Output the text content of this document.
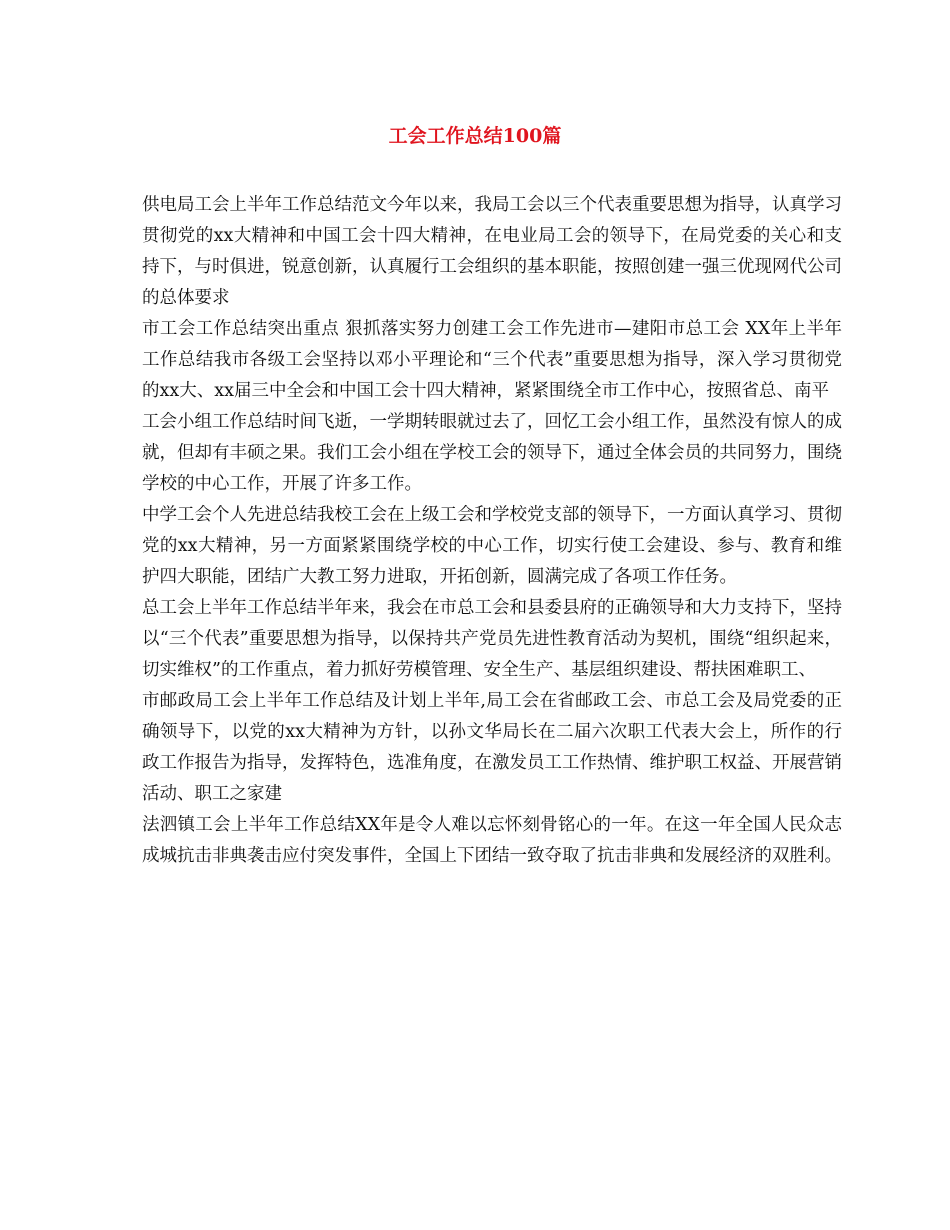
工会工作总结100篇

供电局工会上半年工作总结范文今年以来，我局工会以三个代表重要思想为指导，认真学习贯彻党的xx大精神和中国工会十四大精神，在电业局工会的领导下，在局党委的关心和支持下，与时俱进，锐意创新，认真履行工会组织的基本职能，按照创建一强三优现网代公司的总体要求

市工会工作总结突出重点 狠抓落实努力创建工会工作先进市—建阳市总工会 XX年上半年工作总结我市各级工会坚持以邓小平理论和“三个代表”重要思想为指导，深入学习贯彻党的xx大、xx届三中全会和中国工会十四大精神，紧紧围绕全市工作中心，按照省总、南平

工会小组工作总结时间飞逝，一学期转眼就过去了，回忆工会小组工作，虽然没有惊人的成就，但却有丰硕之果。我们工会小组在学校工会的领导下，通过全体会员的共同努力，围绕学校的中心工作，开展了许多工作。

中学工会个人先进总结我校工会在上级工会和学校党支部的领导下，一方面认真学习、贯彻党的xx大精神，另一方面紧紧围绕学校的中心工作，切实行使工会建设、参与、教育和维护四大职能，团结广大教工努力进取，开拓创新，圆满完成了各项工作任务。

总工会上半年工作总结半年来，我会在市总工会和县委县府的正确领导和大力支持下，坚持以“三个代表”重要思想为指导，以保持共产党员先进性教育活动为契机，围绕“组织起来，切实维权”的工作重点，着力抓好劳模管理、安全生产、基层组织建设、帮扶困难职工、

市邮政局工会上半年工作总结及计划上半年,局工会在省邮政工会、市总工会及局党委的正确领导下，以党的xx大精神为方针，以孙文华局长在二届六次职工代表大会上，所作的行政工作报告为指导，发挥特色，选准角度，在激发员工工作热情、维护职工权益、开展营销活动、职工之家建

法泗镇工会上半年工作总结XX年是令人难以忘怀刻骨铭心的一年。在这一年全国人民众志成城抗击非典袭击应付突发事件，全国上下团结一致夺取了抗击非典和发展经济的双胜利。
